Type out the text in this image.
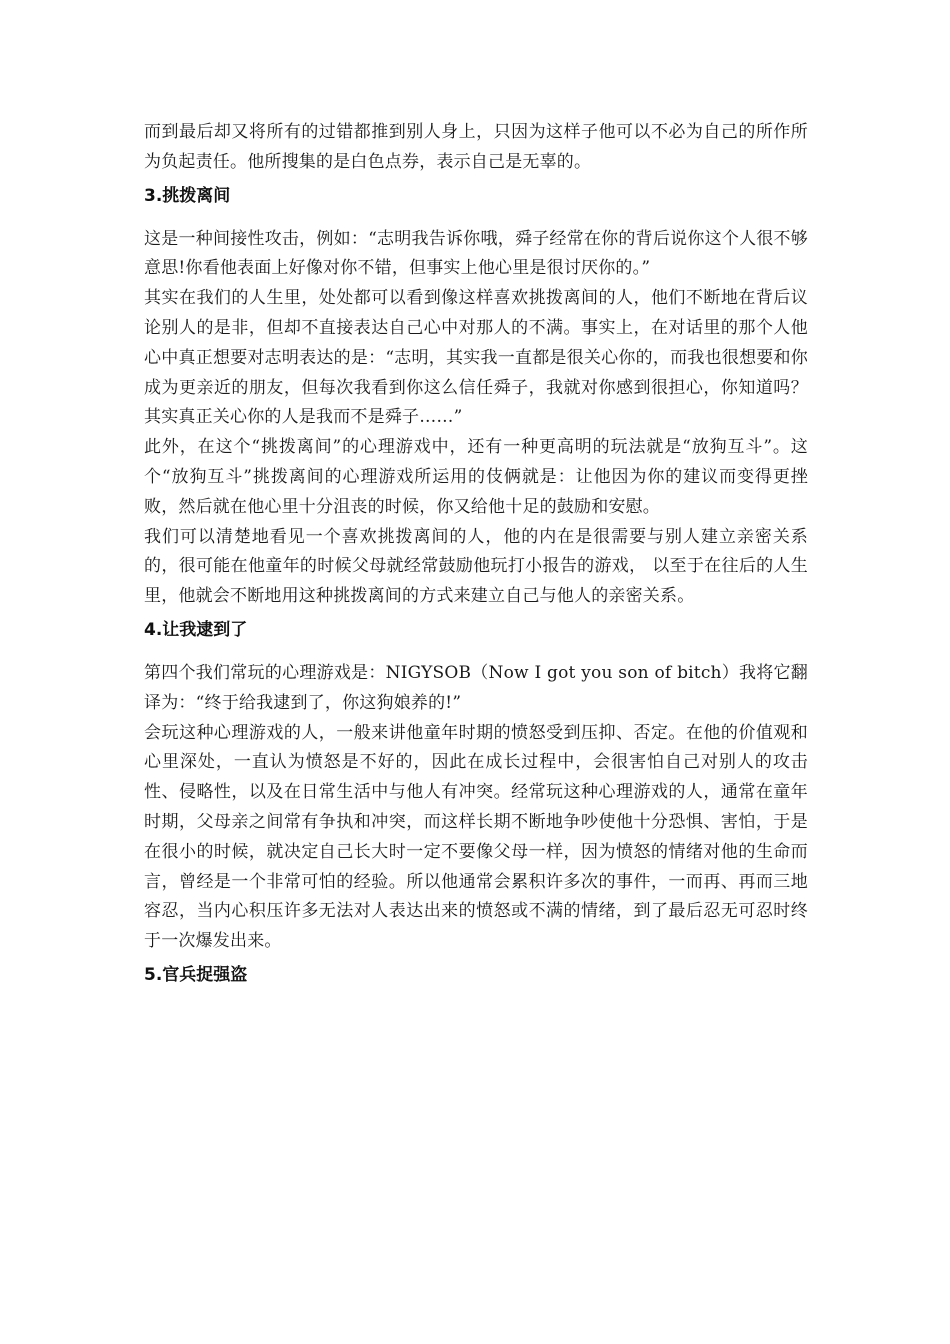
而到最后却又将所有的过错都推到别人身上，只因为这样子他可以不必为自己的所作所为负起责任。他所搜集的是白色点券，表示自己是无辜的。

3.挑拨离间

这是一种间接性攻击，例如：“志明我告诉你哦，舜子经常在你的背后说你这个人很不够意思!你看他表面上好像对你不错，但事实上他心里是很讨厌你的。”

其实在我们的人生里，处处都可以看到像这样喜欢挑拨离间的人，他们不断地在背后议论别人的是非，但却不直接表达自己心中对那人的不满。事实上，在对话里的那个人他心中真正想要对志明表达的是：“志明，其实我一直都是很关心你的，而我也很想要和你成为更亲近的朋友，但每次我看到你这么信任舜子，我就对你感到很担心，你知道吗？其实真正关心你的人是我而不是舜子……”

此外，在这个“挑拨离间”的心理游戏中，还有一种更高明的玩法就是“放狗互斗”。这个“放狗互斗”挑拨离间的心理游戏所运用的伎俩就是：让他因为你的建议而变得更挫败，然后就在他心里十分沮丧的时候，你又给他十足的鼓励和安慰。

我们可以清楚地看见一个喜欢挑拨离间的人，他的内在是很需要与别人建立亲密关系的，很可能在他童年的时候父母就经常鼓励他玩打小报告的游戏， 以至于在往后的人生里，他就会不断地用这种挑拨离间的方式来建立自己与他人的亲密关系。

4.让我逮到了

第四个我们常玩的心理游戏是：NIGYSOB（Now I got you son of bitch）我将它翻译为：“终于给我逮到了，你这狗娘养的!”

会玩这种心理游戏的人，一般来讲他童年时期的愤怒受到压抑、否定。在他的价值观和心里深处，一直认为愤怒是不好的，因此在成长过程中，会很害怕自己对别人的攻击性、侵略性，以及在日常生活中与他人有冲突。经常玩这种心理游戏的人，通常在童年时期，父母亲之间常有争执和冲突，而这样长期不断地争吵使他十分恐惧、害怕，于是在很小的时候，就决定自己长大时一定不要像父母一样，因为愤怒的情绪对他的生命而言，曾经是一个非常可怕的经验。所以他通常会累积许多次的事件，一而再、再而三地容忍，当内心积压许多无法对人表达出来的愤怒或不满的情绪，到了最后忍无可忍时终于一次爆发出来。

5.官兵捉强盗
